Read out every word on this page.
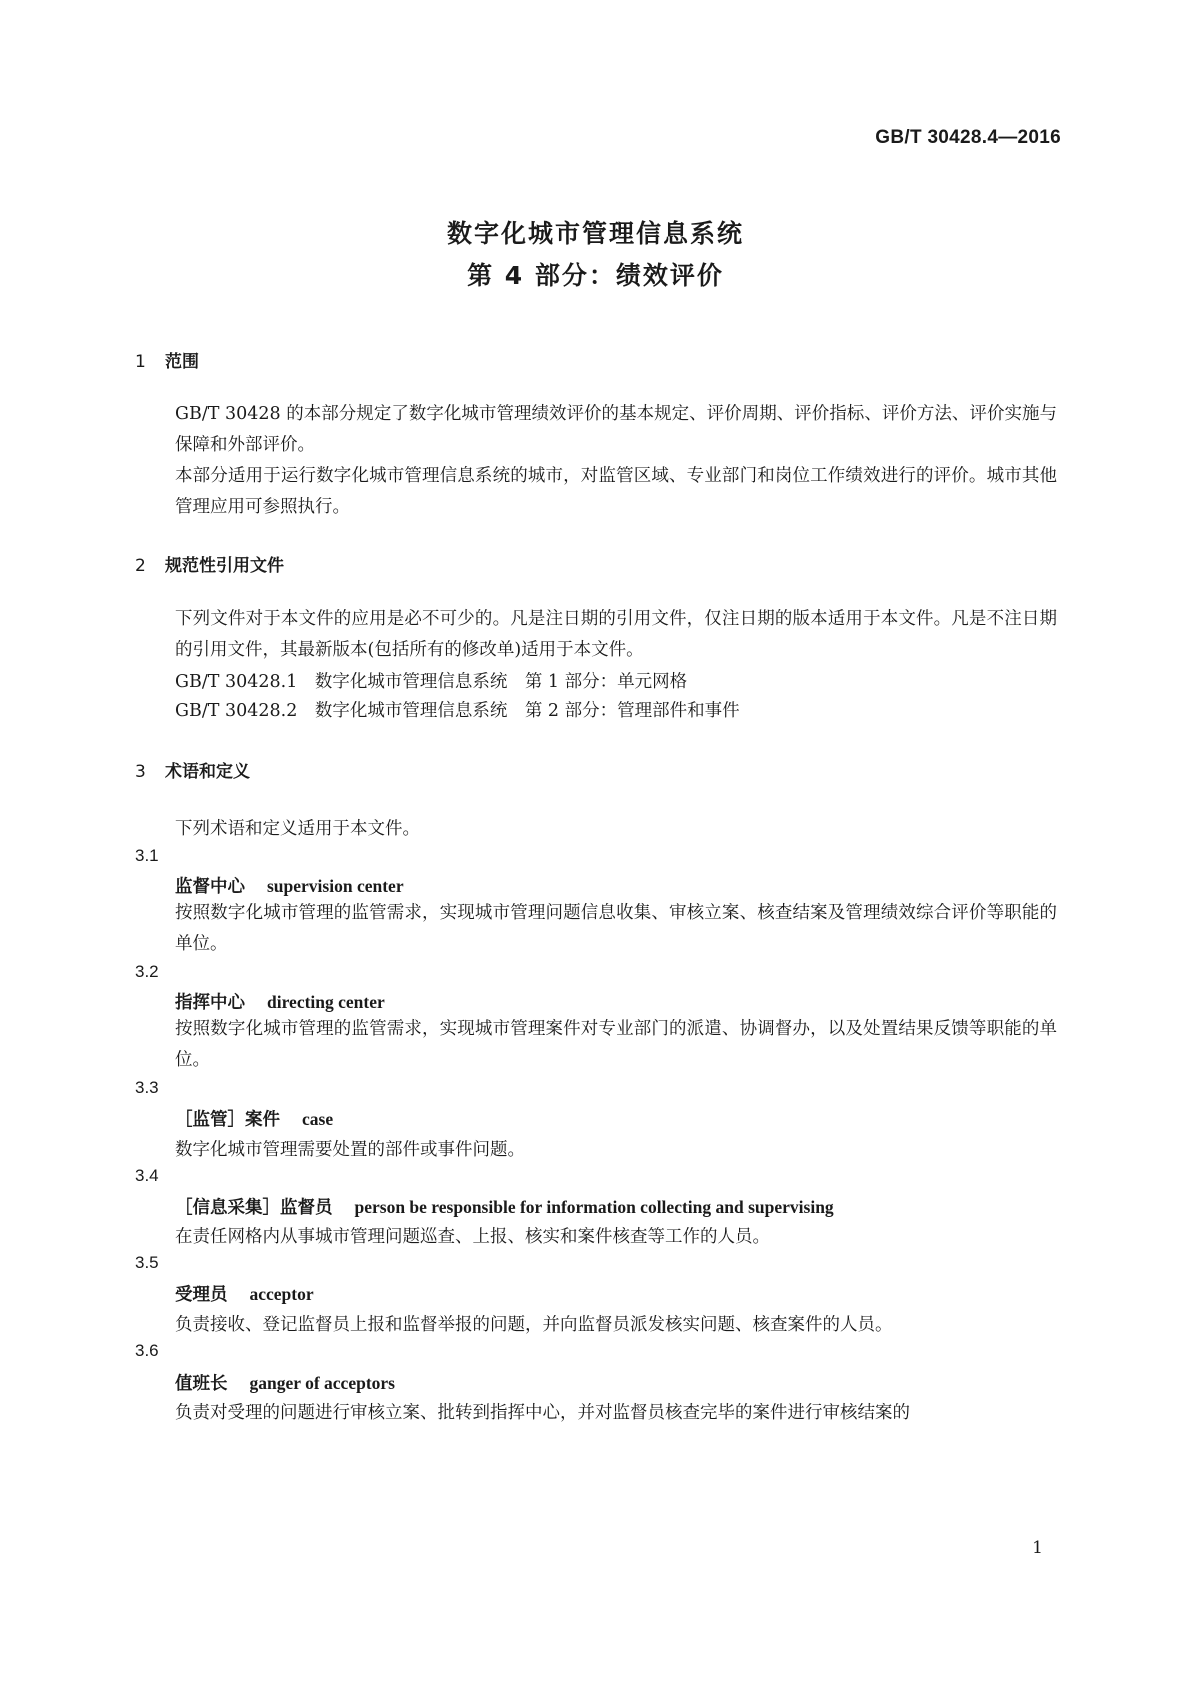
GB/T 30428.4—2016
数字化城市管理信息系统
第 4 部分：绩效评价
1 范围
GB/T 30428 的本部分规定了数字化城市管理绩效评价的基本规定、评价周期、评价指标、评价方法、评价实施与保障和外部评价。
本部分适用于运行数字化城市管理信息系统的城市，对监管区域、专业部门和岗位工作绩效进行的评价。城市其他管理应用可参照执行。
2 规范性引用文件
下列文件对于本文件的应用是必不可少的。凡是注日期的引用文件，仅注日期的版本适用于本文件。凡是不注日期的引用文件，其最新版本(包括所有的修改单)适用于本文件。
GB/T 30428.1　数字化城市管理信息系统　第 1 部分：单元网格
GB/T 30428.2　数字化城市管理信息系统　第 2 部分：管理部件和事件
3 术语和定义
下列术语和定义适用于本文件。
3.1
监督中心 supervision center
按照数字化城市管理的监管需求，实现城市管理问题信息收集、审核立案、核查结案及管理绩效综合评价等职能的单位。
3.2
指挥中心 directing center
按照数字化城市管理的监管需求，实现城市管理案件对专业部门的派遣、协调督办，以及处置结果反馈等职能的单位。
3.3
［监管］案件 case
数字化城市管理需要处置的部件或事件问题。
3.4
［信息采集］监督员 person be responsible for information collecting and supervising
在责任网格内从事城市管理问题巡查、上报、核实和案件核查等工作的人员。
3.5
受理员 acceptor
负责接收、登记监督员上报和监督举报的问题，并向监督员派发核实问题、核查案件的人员。
3.6
值班长 ganger of acceptors
负责对受理的问题进行审核立案、批转到指挥中心，并对监督员核查完毕的案件进行审核结案的
1
